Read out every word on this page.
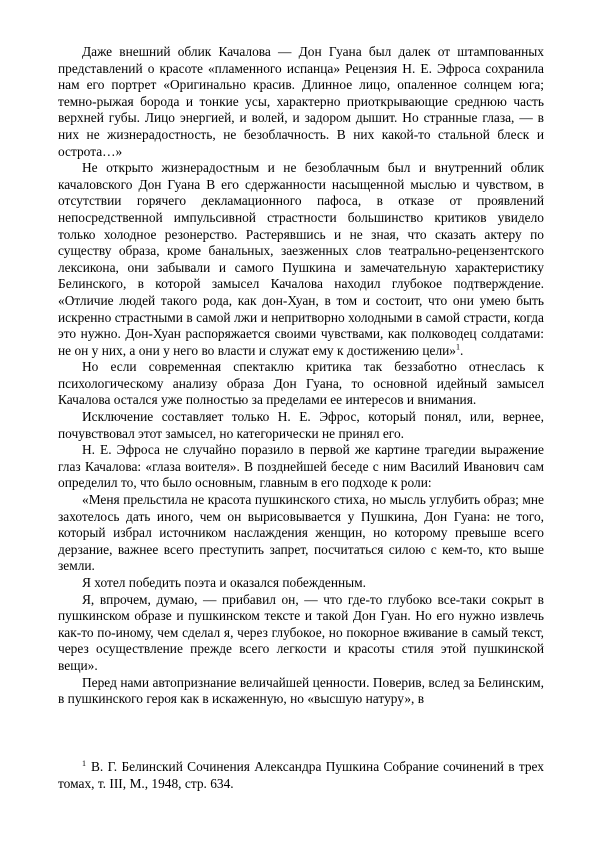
Даже внешний облик Качалова — Дон Гуана был далек от штампованных представлений о красоте «пламенного испанца» Рецензия Н. Е. Эфроса сохранила нам его портрет «Оригинально красив. Длинное лицо, опаленное солнцем юга; темно-рыжая борода и тонкие усы, характерно приоткрывающие среднюю часть верхней губы. Лицо энергией, и волей, и задором дышит. Но странные глаза, — в них не жизнерадостность, не безоблачность. В них какой-то стальной блеск и острота…»

Не открыто жизнерадостным и не безоблачным был и внутренний облик качаловского Дон Гуана В его сдержанности насыщенной мыслью и чувством, в отсутствии горячего декламационного пафоса, в отказе от проявлений непосредственной импульсивной страстности большинство критиков увидело только холодное резонерство. Растерявшись и не зная, что сказать актеру по существу образа, кроме банальных, заезженных слов театрально-рецензентского лексикона, они забывали и самого Пушкина и замечательную характеристику Белинского, в которой замысел Качалова находил глубокое подтверждение. «Отличие людей такого рода, как дон-Хуан, в том и состоит, что они умею быть искренно страстными в самой лжи и непритворно холодными в самой страсти, когда это нужно. Дон-Хуан распоряжается своими чувствами, как полководец солдатами: не он у них, а они у него во власти и служат ему к достижению цели»$^1$.

Но если современная спектаклю критика так беззаботно отнеслась к психологическому анализу образа Дон Гуана, то основной идейный замысел Качалова остался уже полностью за пределами ее интересов и внимания.

Исключение составляет только Н. Е. Эфрос, который понял, или, вернее, почувствовал этот замысел, но категорически не принял его.

Н. Е. Эфроса не случайно поразило в первой же картине трагедии выражение глаз Качалова: «глаза воителя». В позднейшей беседе с ним Василий Иванович сам определил то, что было основным, главным в его подходе к роли:

«Меня прельстила не красота пушкинского стиха, но мысль углубить образ; мне захотелось дать иного, чем он вырисовывается у Пушкина, Дон Гуана: не того, который избрал источником наслаждения женщин, но которому превыше всего дерзание, важнее всего преступить запрет, посчитаться силою с кем-то, кто выше земли.

Я хотел победить поэта и оказался побежденным.

Я, впрочем, думаю, — прибавил он, — что где-то глубоко все-таки сокрыт в пушкинском образе и пушкинском тексте и такой Дон Гуан. Но его нужно извлечь как-то по-иному, чем сделал я, через глубокое, но покорное вживание в самый текст, через осуществление прежде всего легкости и красоты стиля этой пушкинской вещи».

Перед нами автопризнание величайшей ценности. Поверив, вслед за Белинским, в пушкинского героя как в искаженную, но «высшую натуру», в

$^1$ В. Г. Белинский Сочинения Александра Пушкина Собрание сочинений в трех томах, т. III, М., 1948, стр. 634.
